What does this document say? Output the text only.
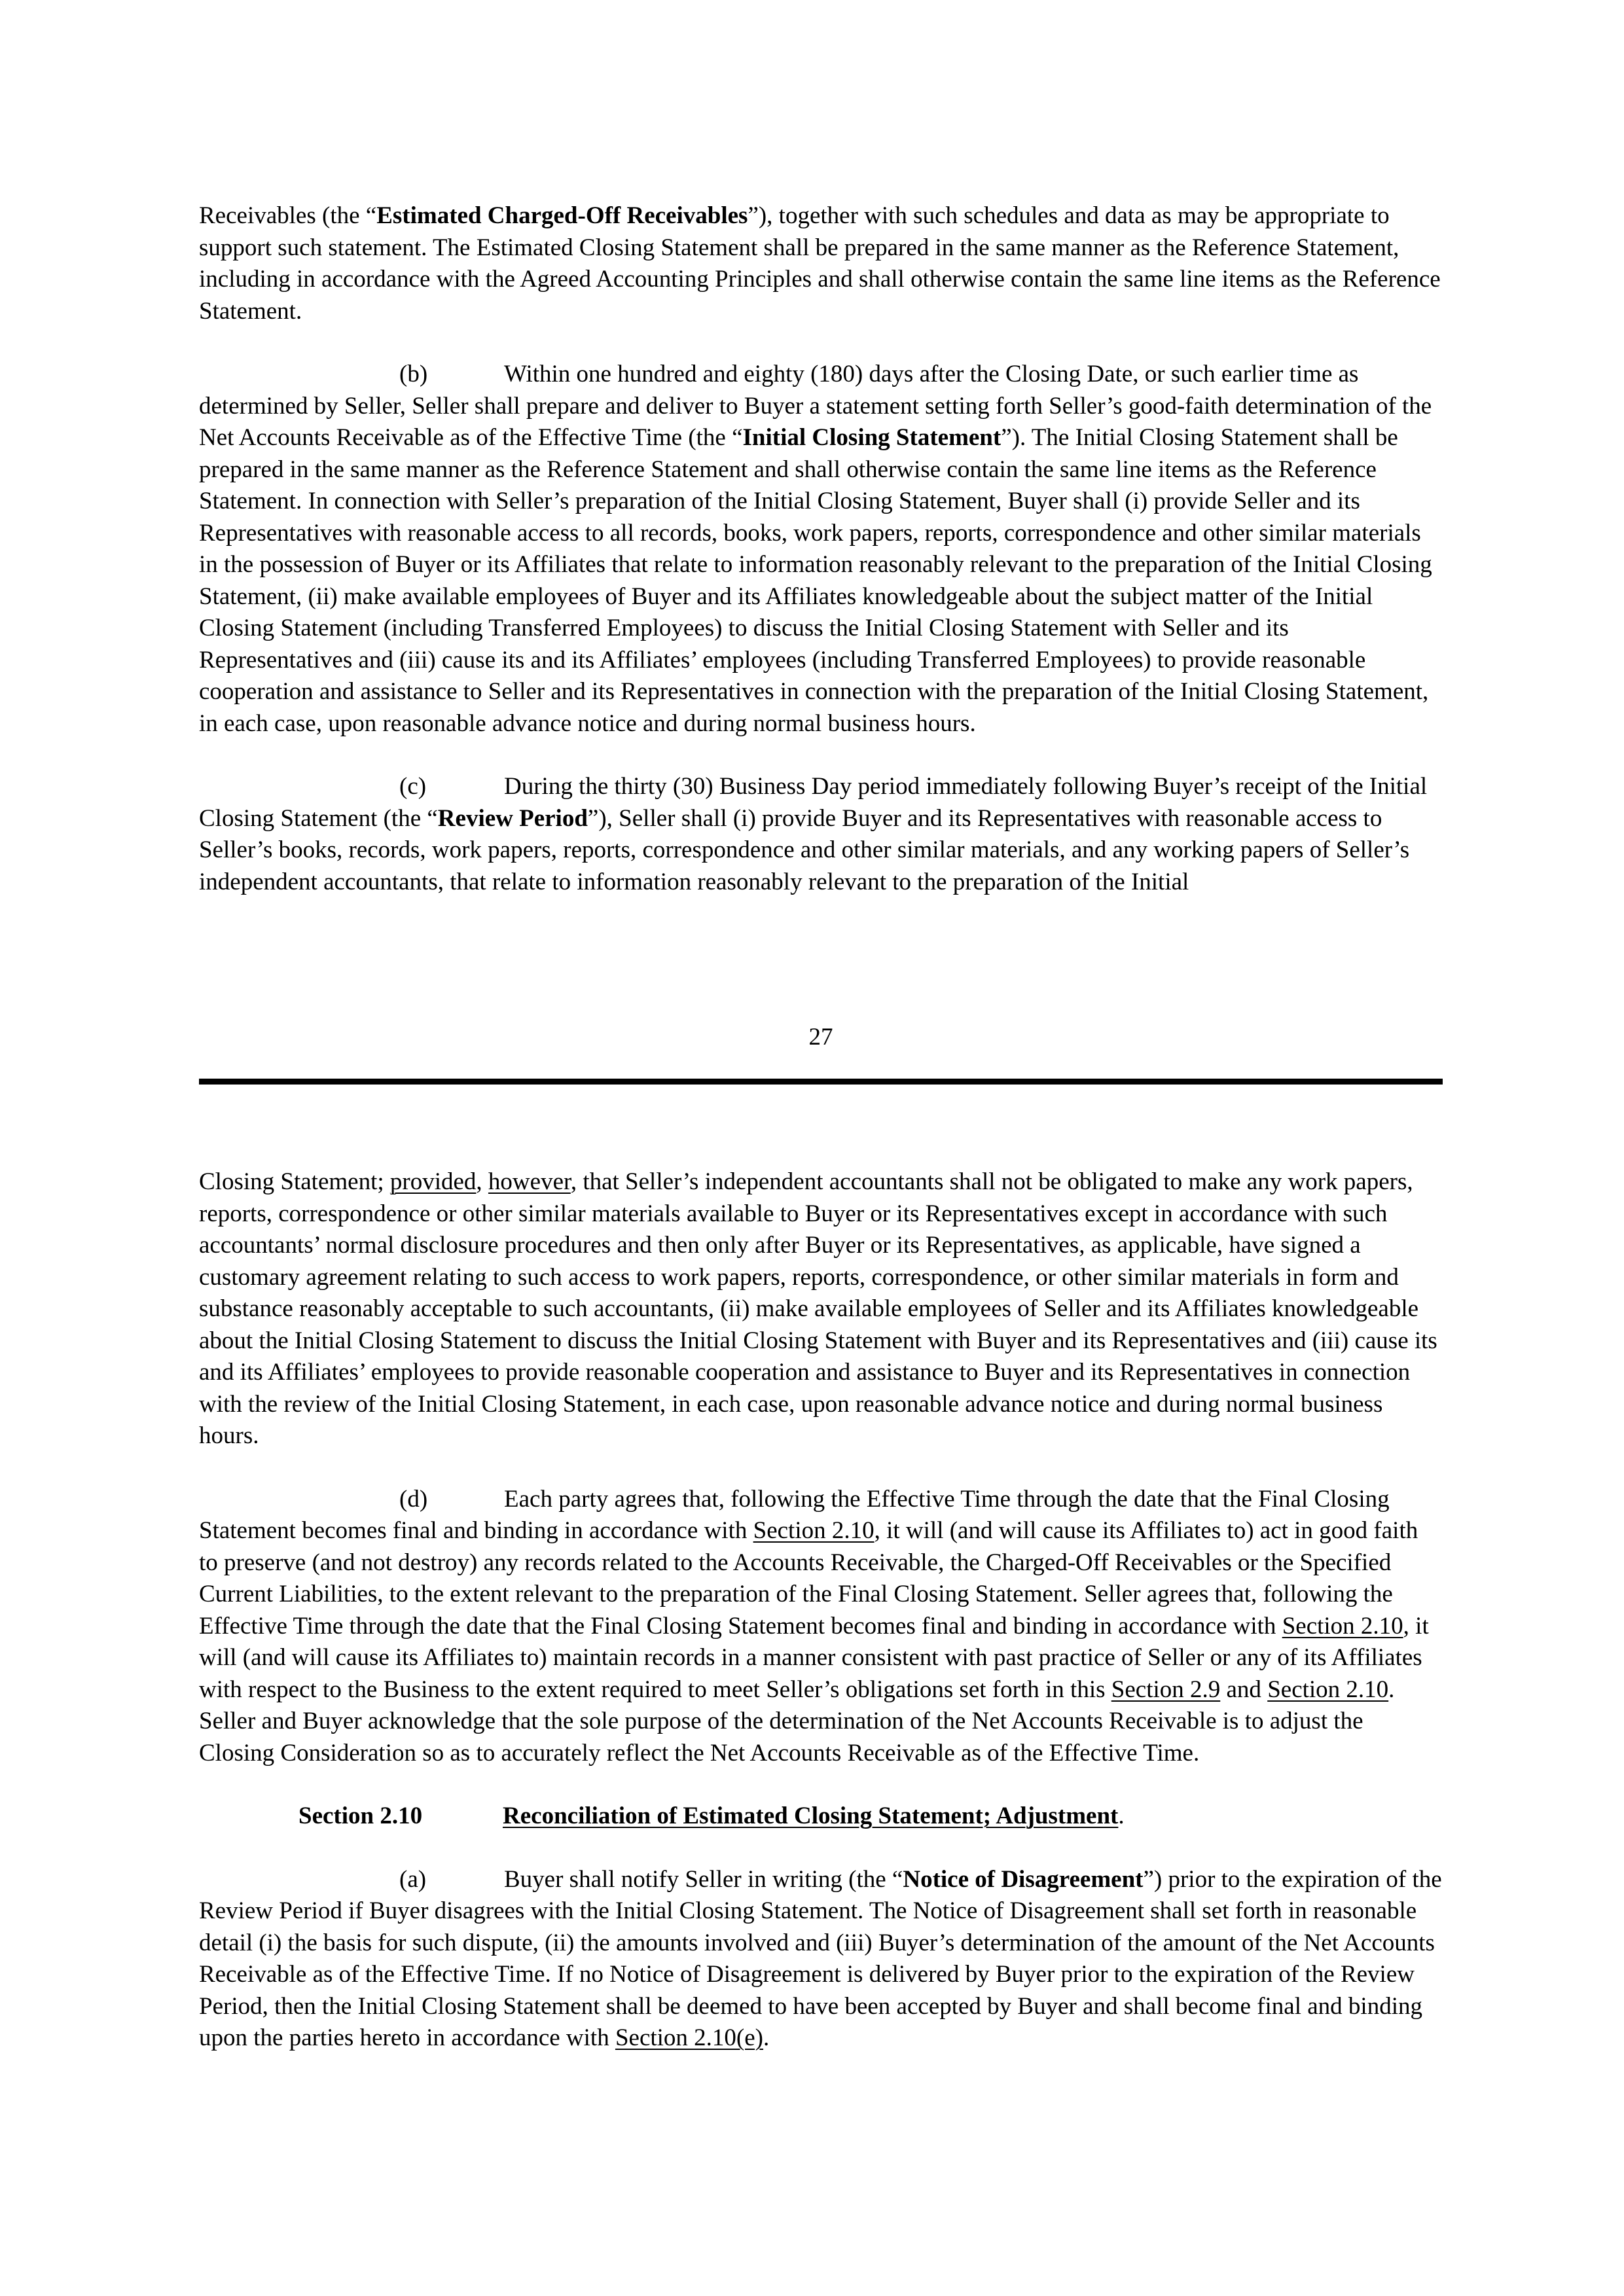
Receivables (the “Estimated Charged-Off Receivables”), together with such schedules and data as may be appropriate to support such statement. The Estimated Closing Statement shall be prepared in the same manner as the Reference Statement, including in accordance with the Agreed Accounting Principles and shall otherwise contain the same line items as the Reference Statement.

(b)	Within one hundred and eighty (180) days after the Closing Date, or such earlier time as determined by Seller, Seller shall prepare and deliver to Buyer a statement setting forth Seller’s good-faith determination of the Net Accounts Receivable as of the Effective Time (the “Initial Closing Statement”). The Initial Closing Statement shall be prepared in the same manner as the Reference Statement and shall otherwise contain the same line items as the Reference Statement. In connection with Seller’s preparation of the Initial Closing Statement, Buyer shall (i) provide Seller and its Representatives with reasonable access to all records, books, work papers, reports, correspondence and other similar materials in the possession of Buyer or its Affiliates that relate to information reasonably relevant to the preparation of the Initial Closing Statement, (ii) make available employees of Buyer and its Affiliates knowledgeable about the subject matter of the Initial Closing Statement (including Transferred Employees) to discuss the Initial Closing Statement with Seller and its Representatives and (iii) cause its and its Affiliates’ employees (including Transferred Employees) to provide reasonable cooperation and assistance to Seller and its Representatives in connection with the preparation of the Initial Closing Statement, in each case, upon reasonable advance notice and during normal business hours.

(c)	During the thirty (30) Business Day period immediately following Buyer’s receipt of the Initial Closing Statement (the “Review Period”), Seller shall (i) provide Buyer and its Representatives with reasonable access to Seller’s books, records, work papers, reports, correspondence and other similar materials, and any working papers of Seller’s independent accountants, that relate to information reasonably relevant to the preparation of the Initial

27

Closing Statement; provided, however, that Seller’s independent accountants shall not be obligated to make any work papers, reports, correspondence or other similar materials available to Buyer or its Representatives except in accordance with such accountants’ normal disclosure procedures and then only after Buyer or its Representatives, as applicable, have signed a customary agreement relating to such access to work papers, reports, correspondence, or other similar materials in form and substance reasonably acceptable to such accountants, (ii) make available employees of Seller and its Affiliates knowledgeable about the Initial Closing Statement to discuss the Initial Closing Statement with Buyer and its Representatives and (iii) cause its and its Affiliates’ employees to provide reasonable cooperation and assistance to Buyer and its Representatives in connection with the review of the Initial Closing Statement, in each case, upon reasonable advance notice and during normal business hours.

(d)	Each party agrees that, following the Effective Time through the date that the Final Closing Statement becomes final and binding in accordance with Section 2.10, it will (and will cause its Affiliates to) act in good faith to preserve (and not destroy) any records related to the Accounts Receivable, the Charged-Off Receivables or the Specified Current Liabilities, to the extent relevant to the preparation of the Final Closing Statement. Seller agrees that, following the Effective Time through the date that the Final Closing Statement becomes final and binding in accordance with Section 2.10, it will (and will cause its Affiliates to) maintain records in a manner consistent with past practice of Seller or any of its Affiliates with respect to the Business to the extent required to meet Seller’s obligations set forth in this Section 2.9 and Section 2.10. Seller and Buyer acknowledge that the sole purpose of the determination of the Net Accounts Receivable is to adjust the Closing Consideration so as to accurately reflect the Net Accounts Receivable as of the Effective Time.

Section 2.10	Reconciliation of Estimated Closing Statement; Adjustment.

(a)	Buyer shall notify Seller in writing (the “Notice of Disagreement”) prior to the expiration of the Review Period if Buyer disagrees with the Initial Closing Statement. The Notice of Disagreement shall set forth in reasonable detail (i) the basis for such dispute, (ii) the amounts involved and (iii) Buyer’s determination of the amount of the Net Accounts Receivable as of the Effective Time. If no Notice of Disagreement is delivered by Buyer prior to the expiration of the Review Period, then the Initial Closing Statement shall be deemed to have been accepted by Buyer and shall become final and binding upon the parties hereto in accordance with Section 2.10(e).
